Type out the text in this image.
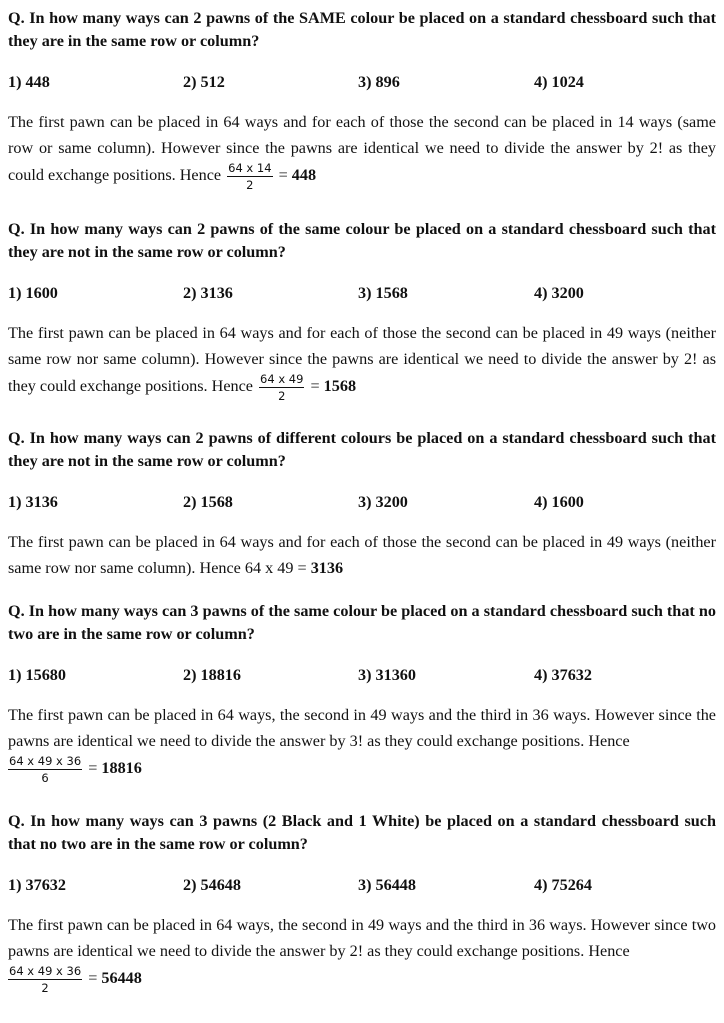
Q. In how many ways can 2 pawns of the SAME colour be placed on a standard chessboard such that they are in the same row or column?

1) 448	2) 512	3) 896	4) 1024

The first pawn can be placed in 64 ways and for each of those the second can be placed in 14 ways (same row or same column). However since the pawns are identical we need to divide the answer by 2! as they could exchange positions. Hence $\frac{64 x 14}{2} = 448$

Q. In how many ways can 2 pawns of the same colour be placed on a standard chessboard such that they are not in the same row or column?

1) 1600	2) 3136	3) 1568	4) 3200

The first pawn can be placed in 64 ways and for each of those the second can be placed in 49 ways (neither same row nor same column). However since the pawns are identical we need to divide the answer by 2! as they could exchange positions. Hence $\frac{64 x 49}{2} = 1568$

Q. In how many ways can 2 pawns of different colours be placed on a standard chessboard such that they are not in the same row or column?

1) 3136	2) 1568	3) 3200	4) 1600

The first pawn can be placed in 64 ways and for each of those the second can be placed in 49 ways (neither same row nor same column). Hence 64 x 49 = 3136

Q. In how many ways can 3 pawns of the same colour be placed on a standard chessboard such that no two are in the same row or column?

1) 15680	2) 18816	3) 31360	4) 37632

The first pawn can be placed in 64 ways, the second in 49 ways and the third in 36 ways. However since the pawns are identical we need to divide the answer by 3! as they could exchange positions. Hence
$\frac{64 x 49 x 36}{6} = 18816$

Q. In how many ways can 3 pawns (2 Black and 1 White) be placed on a standard chessboard such that no two are in the same row or column?

1) 37632	2) 54648	3) 56448	4) 75264

The first pawn can be placed in 64 ways, the second in 49 ways and the third in 36 ways. However since two pawns are identical we need to divide the answer by 2! as they could exchange positions. Hence
$\frac{64 x 49 x 36}{2} = 56448$
